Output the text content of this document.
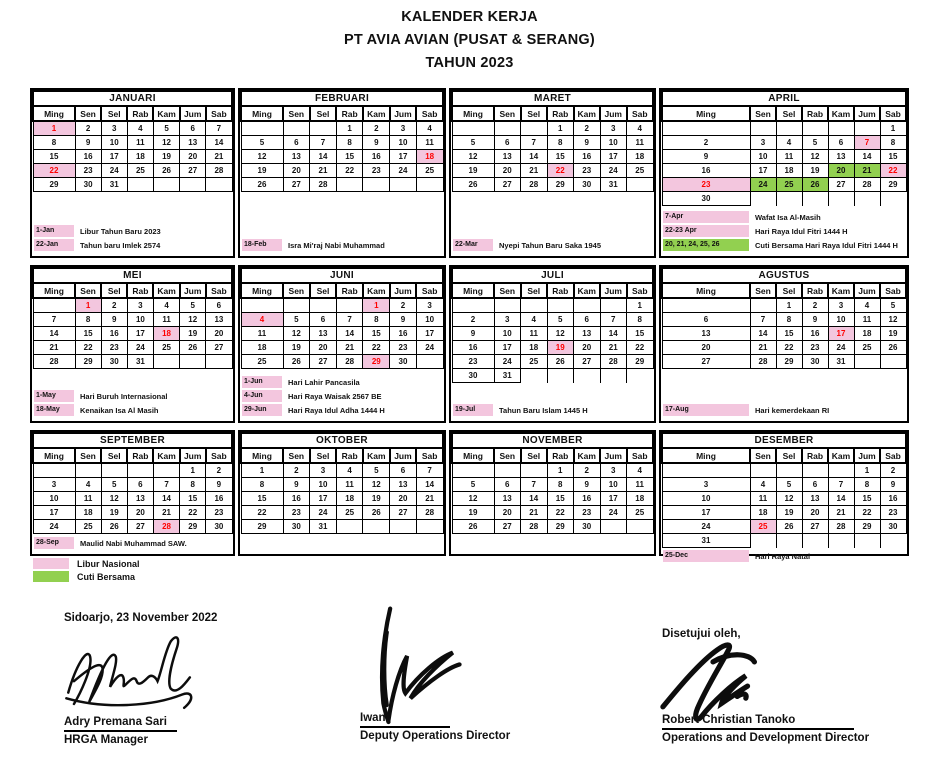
KALENDER KERJA
PT AVIA AVIAN (PUSAT & SERANG)
TAHUN 2023
JANUARI						
Ming	Sen	Sel	Rab	Kam	Jum	Sab
1	2	3	4	5	6	7
8	9	10	11	12	13	14
15	16	17	18	19	20	21
22	23	24	25	26	27	28
29	30	31				
1-Jan	Libur Tahun Baru 2023
22-Jan	Tahun baru Imlek 2574
FEBRUARI						
Ming	Sen	Sel	Rab	Kam	Jum	Sab
			1	2	3	4
5	6	7	8	9	10	11
12	13	14	15	16	17	18
19	20	21	22	23	24	25
26	27	28				
18-Feb	Isra Mi'raj Nabi Muhammad
MARET						
Ming	Sen	Sel	Rab	Kam	Jum	Sab
			1	2	3	4
5	6	7	8	9	10	11
12	13	14	15	16	17	18
19	20	21	22	23	24	25
26	27	28	29	30	31	
22-Mar	Nyepi Tahun Baru Saka 1945
APRIL						
Ming	Sen	Sel	Rab	Kam	Jum	Sab
						1
2	3	4	5	6	7	8
9	10	11	12	13	14	15
16	17	18	19	20	21	22
23	24	25	26	27	28	29
30						
7-Apr	Wafat Isa Al-Masih
22-23 Apr	Hari Raya Idul Fitri 1444 H
20, 21, 24, 25, 26	Cuti Bersama Hari Raya Idul Fitri 1444 H
MEI						
Ming	Sen	Sel	Rab	Kam	Jum	Sab
	1	2	3	4	5	6
7	8	9	10	11	12	13
14	15	16	17	18	19	20
21	22	23	24	25	26	27
28	29	30	31			
1-May	Hari Buruh Internasional
18-May	Kenaikan Isa Al Masih
JUNI						
Ming	Sen	Sel	Rab	Kam	Jum	Sab
				1	2	3
4	5	6	7	8	9	10
11	12	13	14	15	16	17
18	19	20	21	22	23	24
25	26	27	28	29	30	
1-Jun	Hari Lahir Pancasila
4-Jun	Hari Raya Waisak 2567 BE
29-Jun	Hari Raya Idul Adha 1444 H
JULI						
Ming	Sen	Sel	Rab	Kam	Jum	Sab
						1
2	3	4	5	6	7	8
9	10	11	12	13	14	15
16	17	18	19	20	21	22
23	24	25	26	27	28	29
30	31					
19-Jul	Tahun Baru Islam 1445 H
AGUSTUS						
Ming	Sen	Sel	Rab	Kam	Jum	Sab
		1	2	3	4	5
6	7	8	9	10	11	12
13	14	15	16	17	18	19
20	21	22	23	24	25	26
27	28	29	30	31		
17-Aug	Hari kemerdekaan RI
SEPTEMBER						
Ming	Sen	Sel	Rab	Kam	Jum	Sab
					1	2
3	4	5	6	7	8	9
10	11	12	13	14	15	16
17	18	19	20	21	22	23
24	25	26	27	28	29	30
28-Sep	Maulid Nabi Muhammad SAW.
OKTOBER						
Ming	Sen	Sel	Rab	Kam	Jum	Sab
1	2	3	4	5	6	7
8	9	10	11	12	13	14
15	16	17	18	19	20	21
22	23	24	25	26	27	28
29	30	31				
NOVEMBER						
Ming	Sen	Sel	Rab	Kam	Jum	Sab
			1	2	3	4
5	6	7	8	9	10	11
12	13	14	15	16	17	18
19	20	21	22	23	24	25
26	27	28	29	30		
DESEMBER						
Ming	Sen	Sel	Rab	Kam	Jum	Sab
					1	2
3	4	5	6	7	8	9
10	11	12	13	14	15	16
17	18	19	20	21	22	23
24	25	26	27	28	29	30
31						
25-Dec	Hari Raya Natal
Libur Nasional
Cuti Bersama
Sidoarjo, 23 November 2022
Disetujui oleh,
Adry Premana Sari
HRGA Manager
Iwan
Deputy Operations Director
Robert Christian Tanoko
Operations and Development Director
